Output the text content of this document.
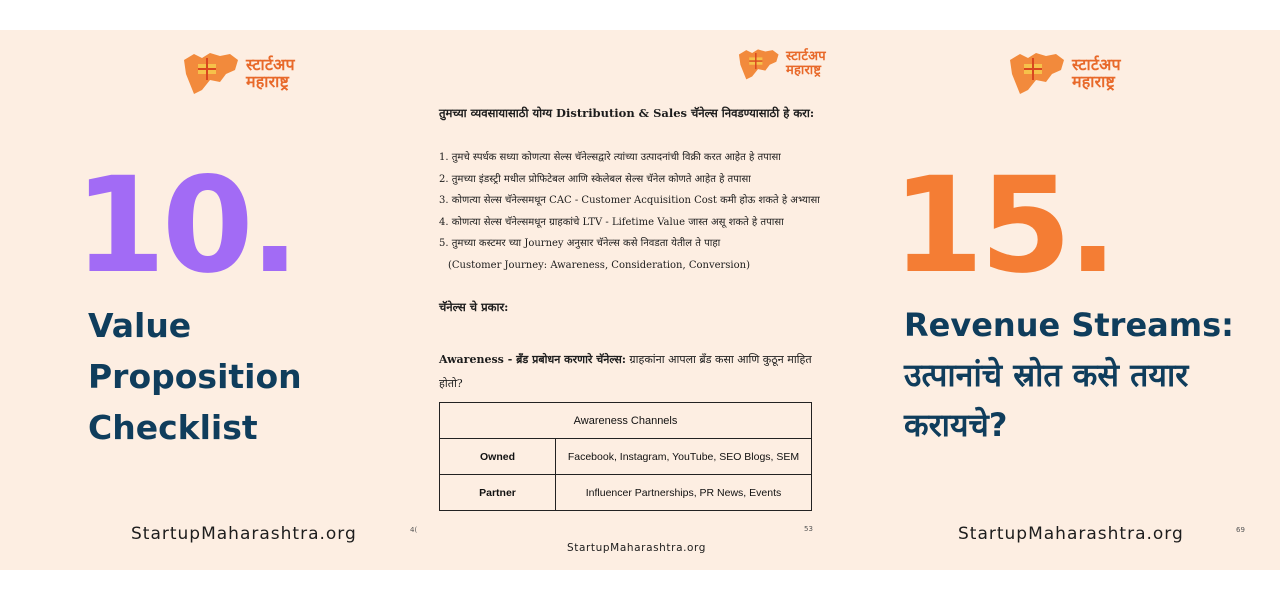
स्टार्टअप
महाराष्ट्र
10.
Value
Proposition
Checklist
StartupMaharashtra.org	4(
स्टार्टअप
महाराष्ट्र
तुमच्या व्यवसायासाठी योग्य Distribution & Sales चॅनेल्स निवडण्यासाठी हे करा:
1. तुमचे स्पर्धक सध्या कोणत्या सेल्स चॅनेल्सद्वारे त्यांच्या उत्पादनांची विक्री करत आहेत हे तपासा
2. तुमच्या इंडस्ट्री मधील प्रोफिटेबल आणि स्केलेबल सेल्स चॅनेल कोणते आहेत हे तपासा
3. कोणत्या सेल्स चॅनेल्समधून CAC - Customer Acquisition Cost कमी होऊ शकते हे अभ्यासा
4. कोणत्या सेल्स चॅनेल्समधून ग्राहकांचे LTV - Lifetime Value जास्त असू शकते हे तपासा
5. तुमच्या कस्टमर च्या Journey अनुसार चॅनेल्स कसे निवडता येतील ते पाहा
(Customer Journey: Awareness, Consideration, Conversion)
चॅनेल्स चे प्रकार:
Awareness - ब्रँड प्रबोधन करणारे चॅनेल्स: ग्राहकांना आपला ब्रँड कसा आणि कुठून माहित
होतो?
Awareness Channels	
Owned	Facebook, Instagram, YouTube, SEO Blogs, SEM
Partner	Influencer Partnerships, PR News, Events
StartupMaharashtra.org
53
स्टार्टअप
महाराष्ट्र
15.
Revenue Streams:
उत्पानांचे स्रोत कसे तयार
करायचे?
StartupMaharashtra.org	69
